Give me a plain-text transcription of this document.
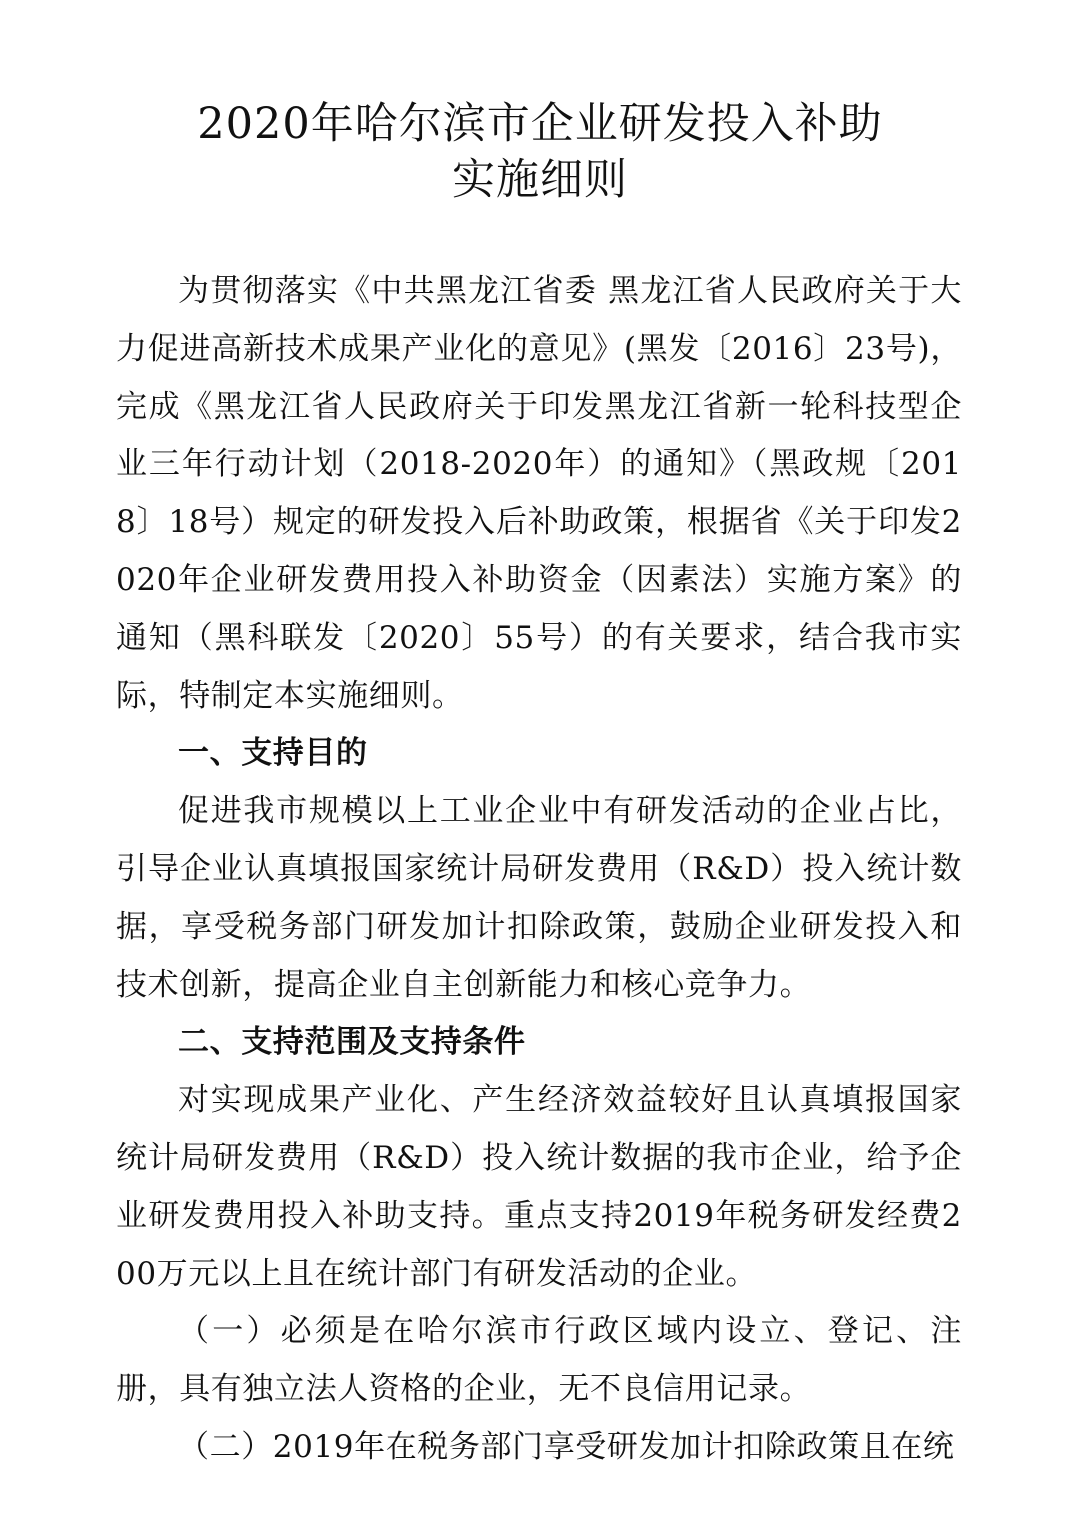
2020年哈尔滨市企业研发投入补助
实施细则

为贯彻落实《中共黑龙江省委 黑龙江省人民政府关于大力促进高新技术成果产业化的意见》(黑发〔2016〕23号)，完成《黑龙江省人民政府关于印发黑龙江省新一轮科技型企业三年行动计划（2018-2020年）的通知》（黑政规〔2018〕18号）规定的研发投入后补助政策，根据省《关于印发2020年企业研发费用投入补助资金（因素法）实施方案》的通知（黑科联发〔2020〕55号）的有关要求，结合我市实际，特制定本实施细则。

一、支持目的

促进我市规模以上工业企业中有研发活动的企业占比，引导企业认真填报国家统计局研发费用（R&D）投入统计数据，享受税务部门研发加计扣除政策，鼓励企业研发投入和技术创新，提高企业自主创新能力和核心竞争力。

二、支持范围及支持条件

对实现成果产业化、产生经济效益较好且认真填报国家统计局研发费用（R&D）投入统计数据的我市企业，给予企业研发费用投入补助支持。重点支持2019年税务研发经费200万元以上且在统计部门有研发活动的企业。

（一）必须是在哈尔滨市行政区域内设立、登记、注册，具有独立法人资格的企业，无不良信用记录。

（二）2019年在税务部门享受研发加计扣除政策且在统
